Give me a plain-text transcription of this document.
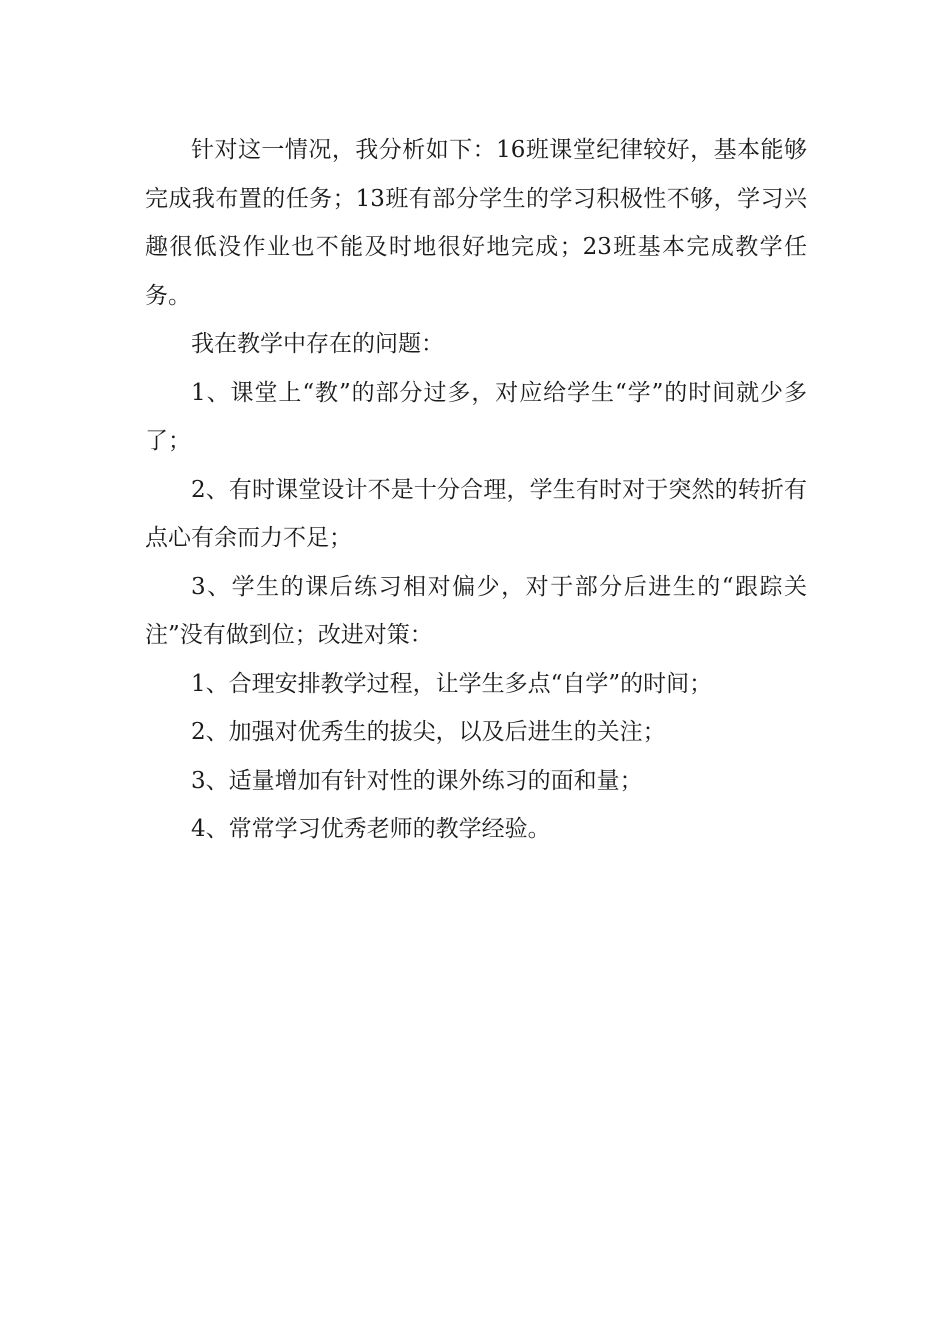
针对这一情况，我分析如下：16班课堂纪律较好，基本能够完成我布置的任务；13班有部分学生的学习积极性不够，学习兴趣很低没作业也不能及时地很好地完成；23班基本完成教学任务。

我在教学中存在的问题：

1、课堂上“教”的部分过多，对应给学生“学”的时间就少多了；

2、有时课堂设计不是十分合理，学生有时对于突然的转折有点心有余而力不足；

3、学生的课后练习相对偏少，对于部分后进生的“跟踪关注”没有做到位；改进对策：

1、合理安排教学过程，让学生多点“自学”的时间；

2、加强对优秀生的拔尖，以及后进生的关注；

3、适量增加有针对性的课外练习的面和量；

4、常常学习优秀老师的教学经验。
